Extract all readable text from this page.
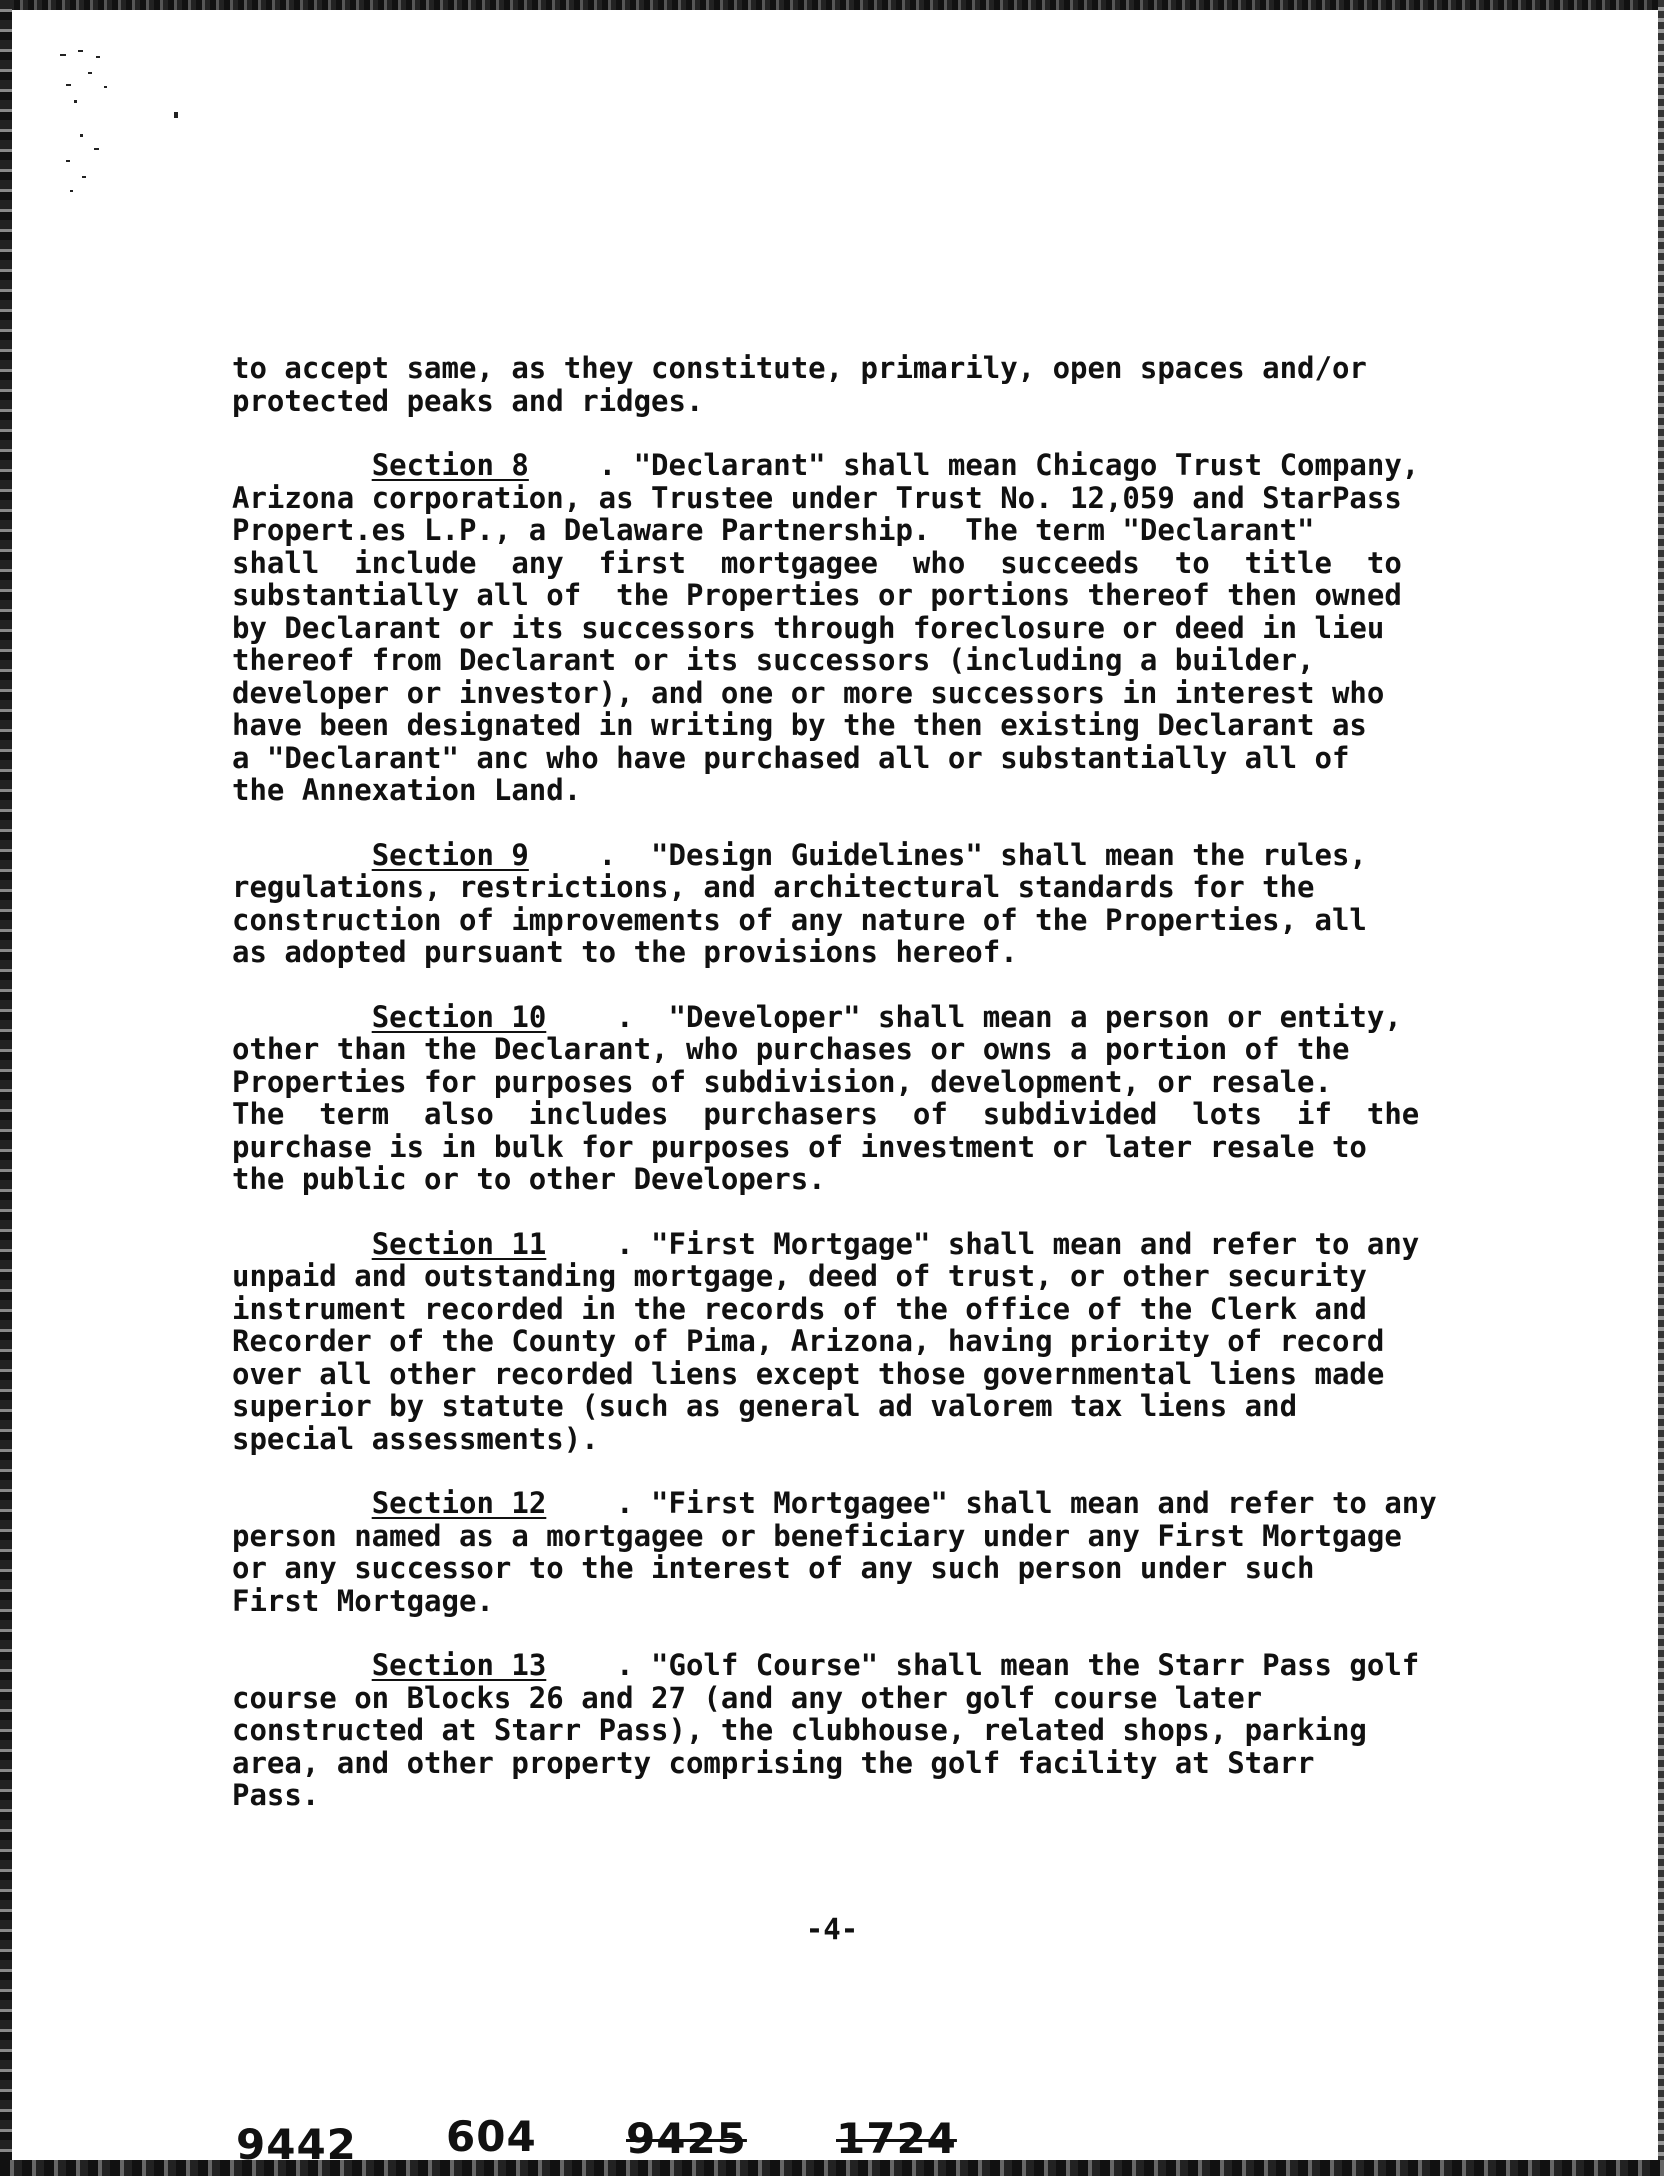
to accept same, as they constitute, primarily, open spaces and/or
protected peaks and ridges.

Section 8    . "Declarant" shall mean Chicago Trust Company,
Arizona corporation, as Trustee under Trust No. 12,059 and StarPass
Propert.es L.P., a Delaware Partnership.  The term "Declarant"
shall  include  any  first  mortgagee  who  succeeds  to  title  to
substantially all of  the Properties or portions thereof then owned
by Declarant or its successors through foreclosure or deed in lieu
thereof from Declarant or its successors (including a builder,
developer or investor), and one or more successors in interest who
have been designated in writing by the then existing Declarant as
a "Declarant" anc who have purchased all or substantially all of
the Annexation Land.

Section 9    .  "Design Guidelines" shall mean the rules,
regulations, restrictions, and architectural standards for the
construction of improvements of any nature of the Properties, all
as adopted pursuant to the provisions hereof.

Section 10    .  "Developer" shall mean a person or entity,
other than the Declarant, who purchases or owns a portion of the
Properties for purposes of subdivision, development, or resale.
The  term  also  includes  purchasers  of  subdivided  lots  if  the
purchase is in bulk for purposes of investment or later resale to
the public or to other Developers.

Section 11    . "First Mortgage" shall mean and refer to any
unpaid and outstanding mortgage, deed of trust, or other security
instrument recorded in the records of the office of the Clerk and
Recorder of the County of Pima, Arizona, having priority of record
over all other recorded liens except those governmental liens made
superior by statute (such as general ad valorem tax liens and
special assessments).

Section 12    . "First Mortgagee" shall mean and refer to any
person named as a mortgagee or beneficiary under any First Mortgage
or any successor to the interest of any such person under such
First Mortgage.

Section 13    . "Golf Course" shall mean the Starr Pass golf
course on Blocks 26 and 27 (and any other golf course later
constructed at Starr Pass), the clubhouse, related shops, parking
area, and other property comprising the golf facility at Starr
Pass.

-4-
9442 604 9425 1724
